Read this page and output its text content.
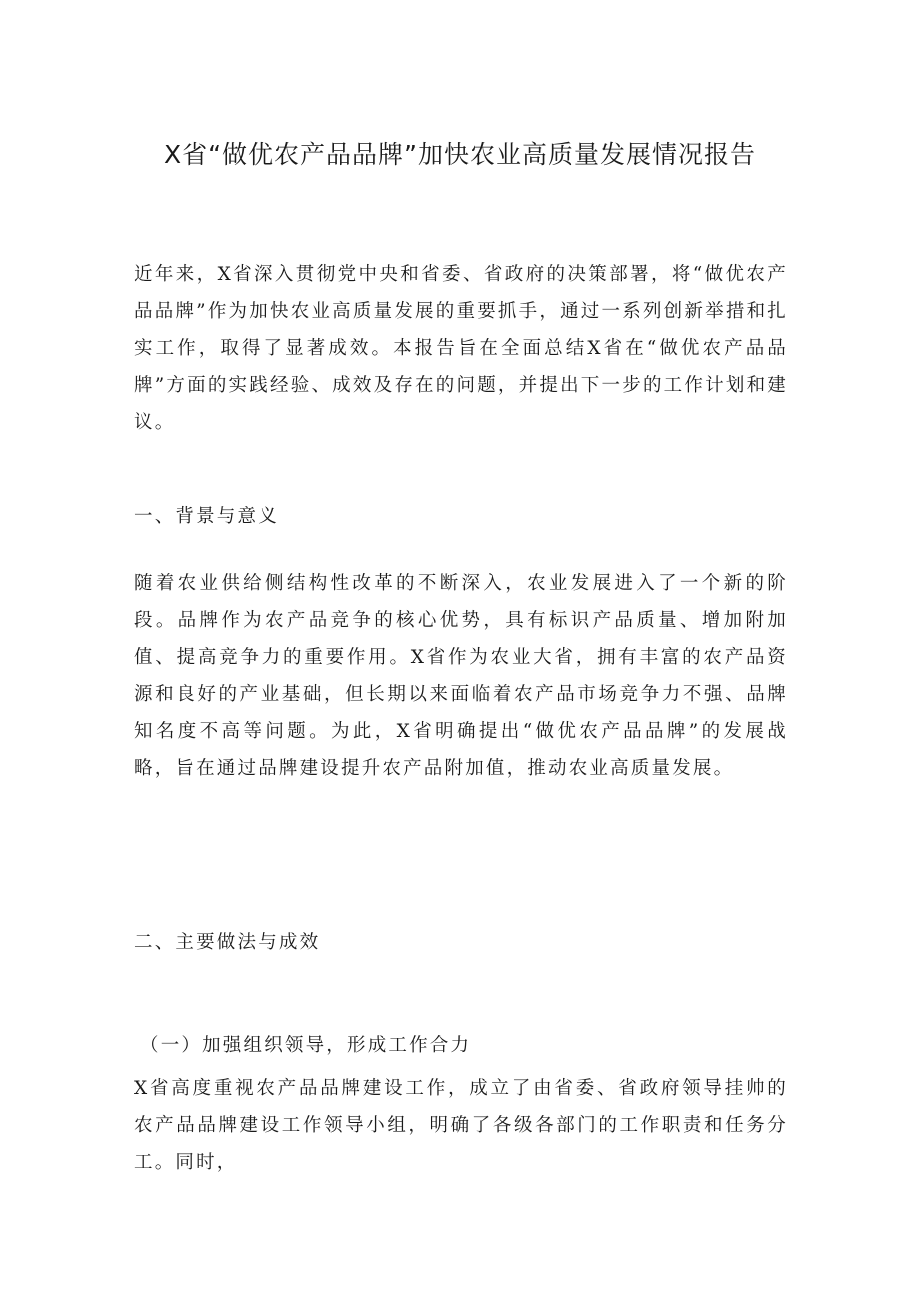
X省“做优农产品品牌”加快农业高质量发展情况报告

近年来，X省深入贯彻党中央和省委、省政府的决策部署，将“做优农产品品牌”作为加快农业高质量发展的重要抓手，通过一系列创新举措和扎实工作，取得了显著成效。本报告旨在全面总结X省在“做优农产品品牌”方面的实践经验、成效及存在的问题，并提出下一步的工作计划和建议。

一、背景与意义

随着农业供给侧结构性改革的不断深入，农业发展进入了一个新的阶段。品牌作为农产品竞争的核心优势，具有标识产品质量、增加附加值、提高竞争力的重要作用。X省作为农业大省，拥有丰富的农产品资源和良好的产业基础，但长期以来面临着农产品市场竞争力不强、品牌知名度不高等问题。为此，X省明确提出“做优农产品品牌”的发展战略，旨在通过品牌建设提升农产品附加值，推动农业高质量发展。

二、主要做法与成效
（一）加强组织领导，形成工作合力

X省高度重视农产品品牌建设工作，成立了由省委、省政府领导挂帅的农产品品牌建设工作领导小组，明确了各级各部门的工作职责和任务分工。同时，
